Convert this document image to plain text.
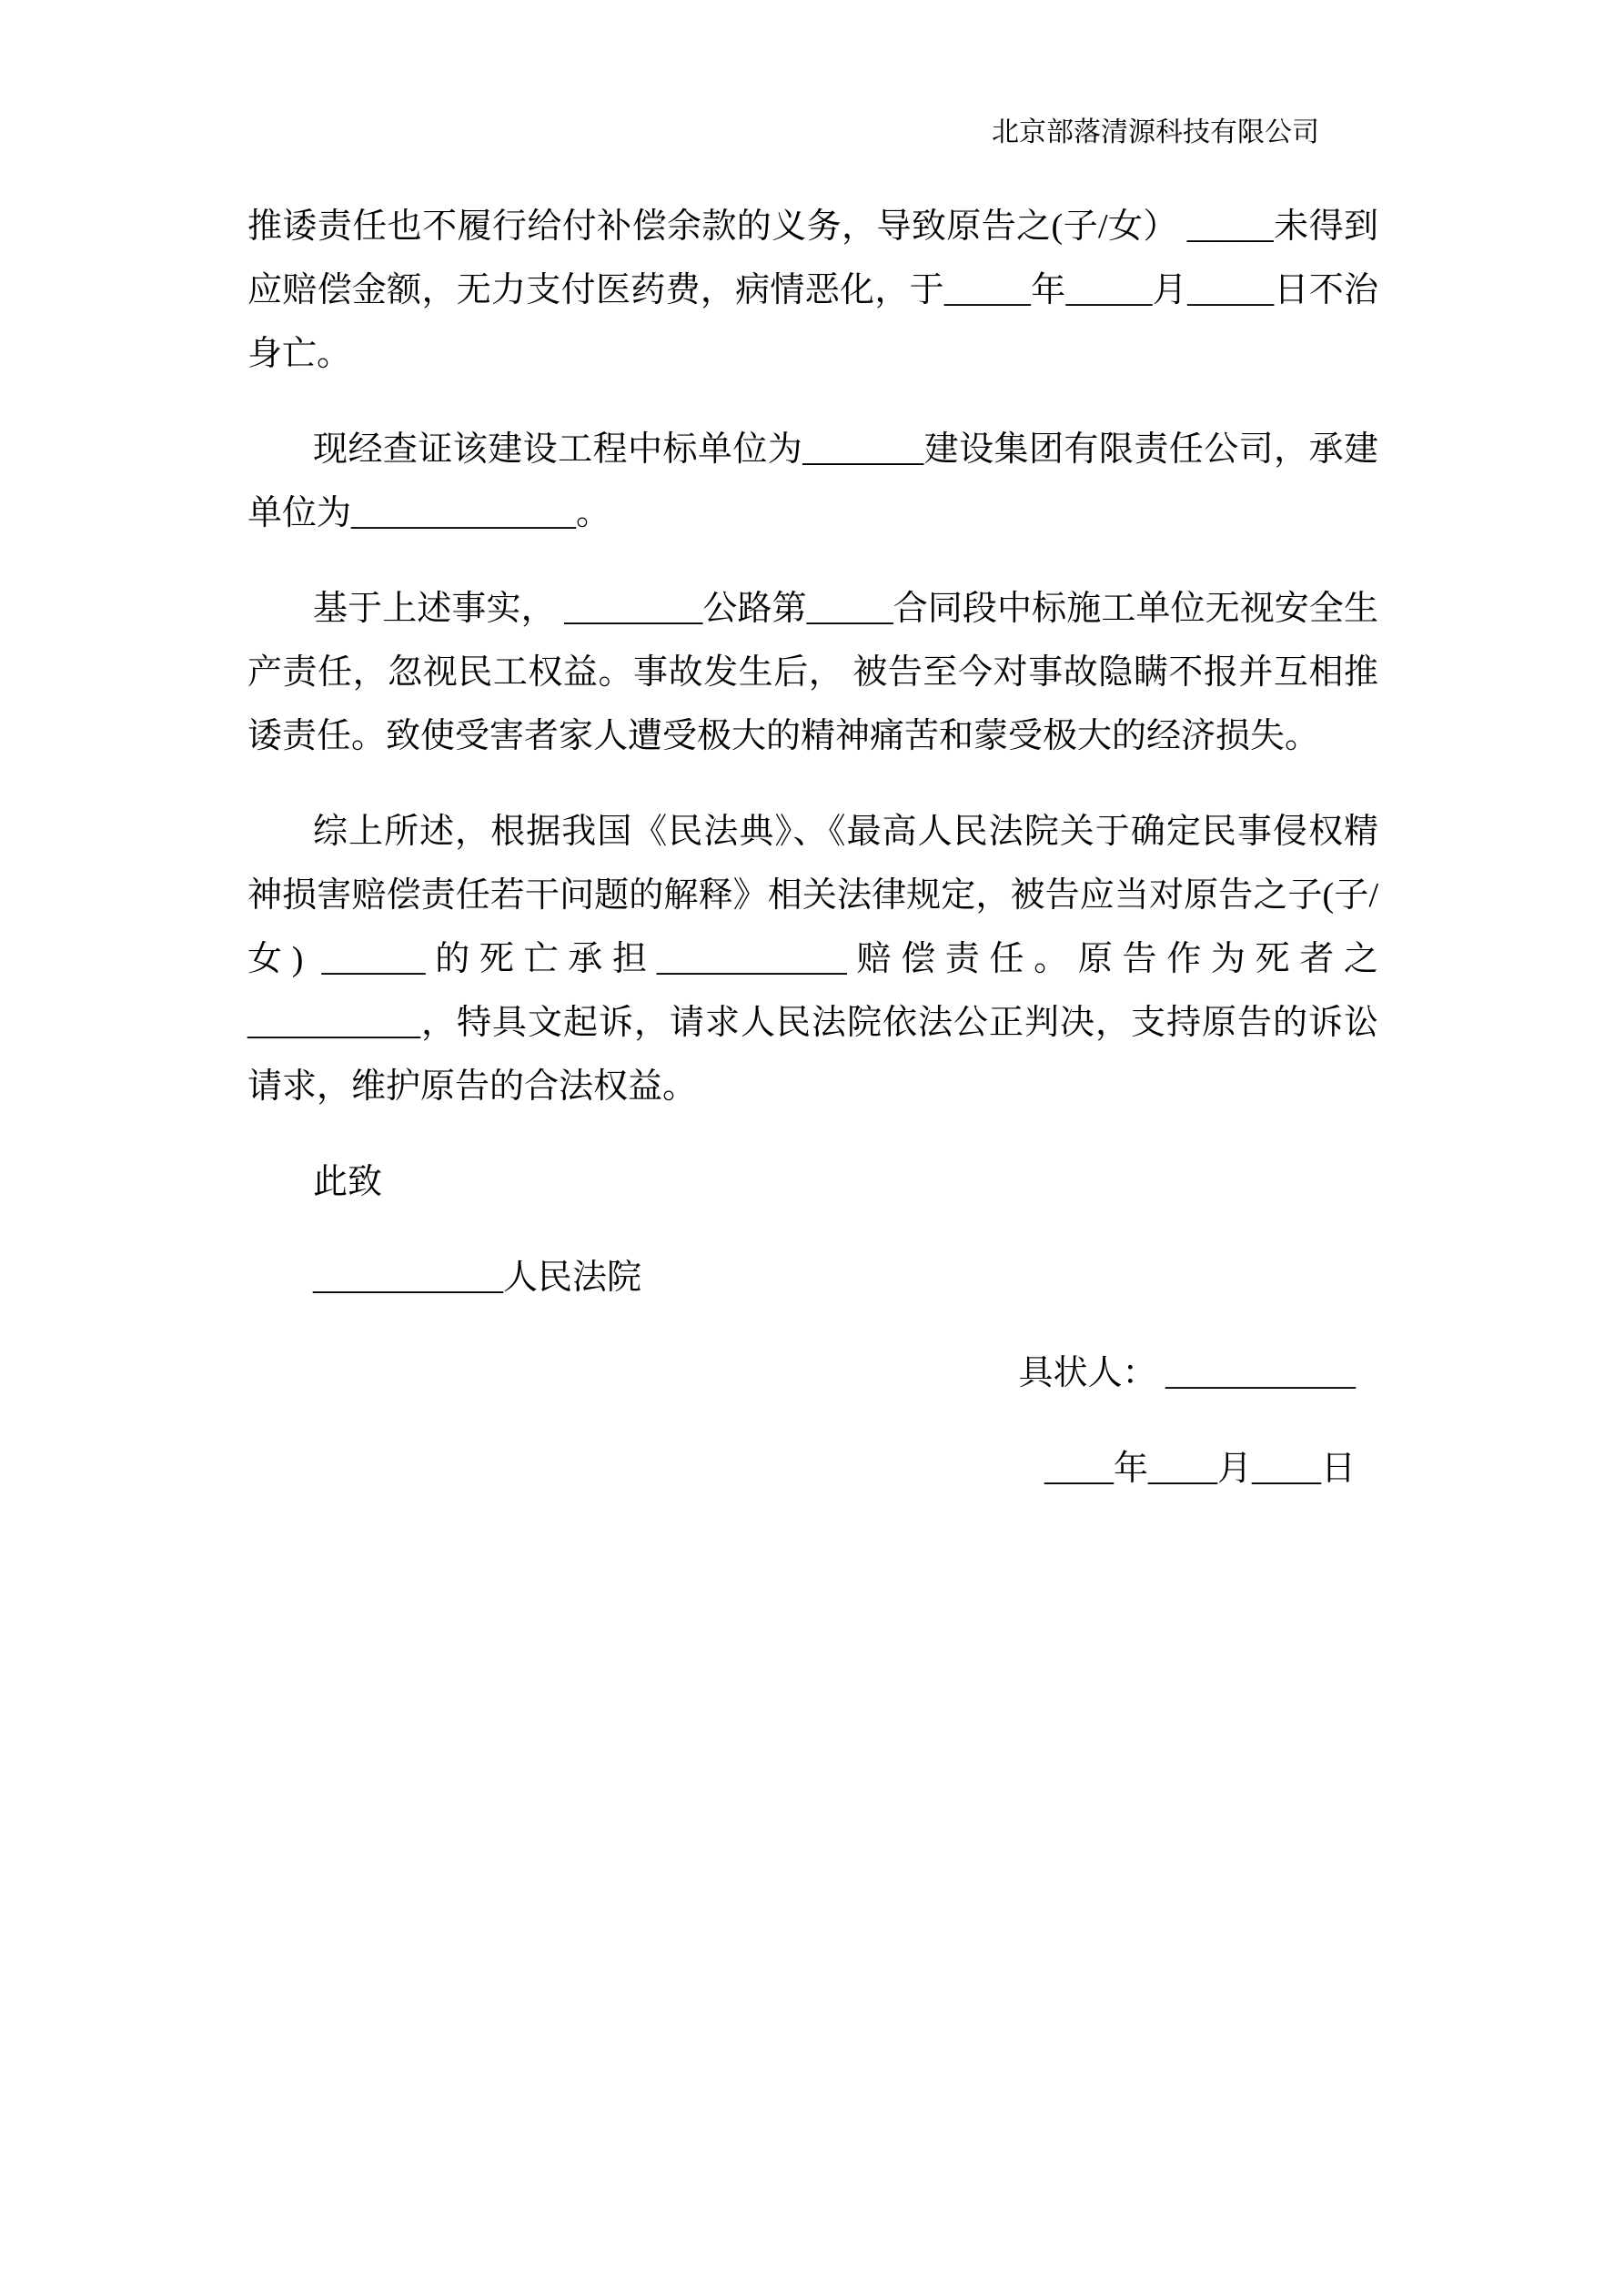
北京部落清源科技有限公司

推诿责任也不履行给付补偿余款的义务，导致原告之(子/女） _____未得到应赔偿金额，无力支付医药费，病情恶化，于_____年_____月_____日不治身亡。

现经查证该建设工程中标单位为_______建设集团有限责任公司，承建单位为_____________。

基于上述事实， ________公路第_____合同段中标施工单位无视安全生产责任，忽视民工权益。事故发生后， 被告至今对事故隐瞒不报并互相推诿责任。致使受害者家人遭受极大的精神痛苦和蒙受极大的经济损失。

综上所述，根据我国《民法典》、《最高人民法院关于确定民事侵权精神损害赔偿责任若干问题的解释》相关法律规定，被告应当对原告之子(子/女) ______的死亡承担___________赔偿责任。原告作为死者之__________，特具文起诉，请求人民法院依法公正判决，支持原告的诉讼请求，维护原告的合法权益。

此致

___________人民法院

具状人： ___________

____年____月____日
